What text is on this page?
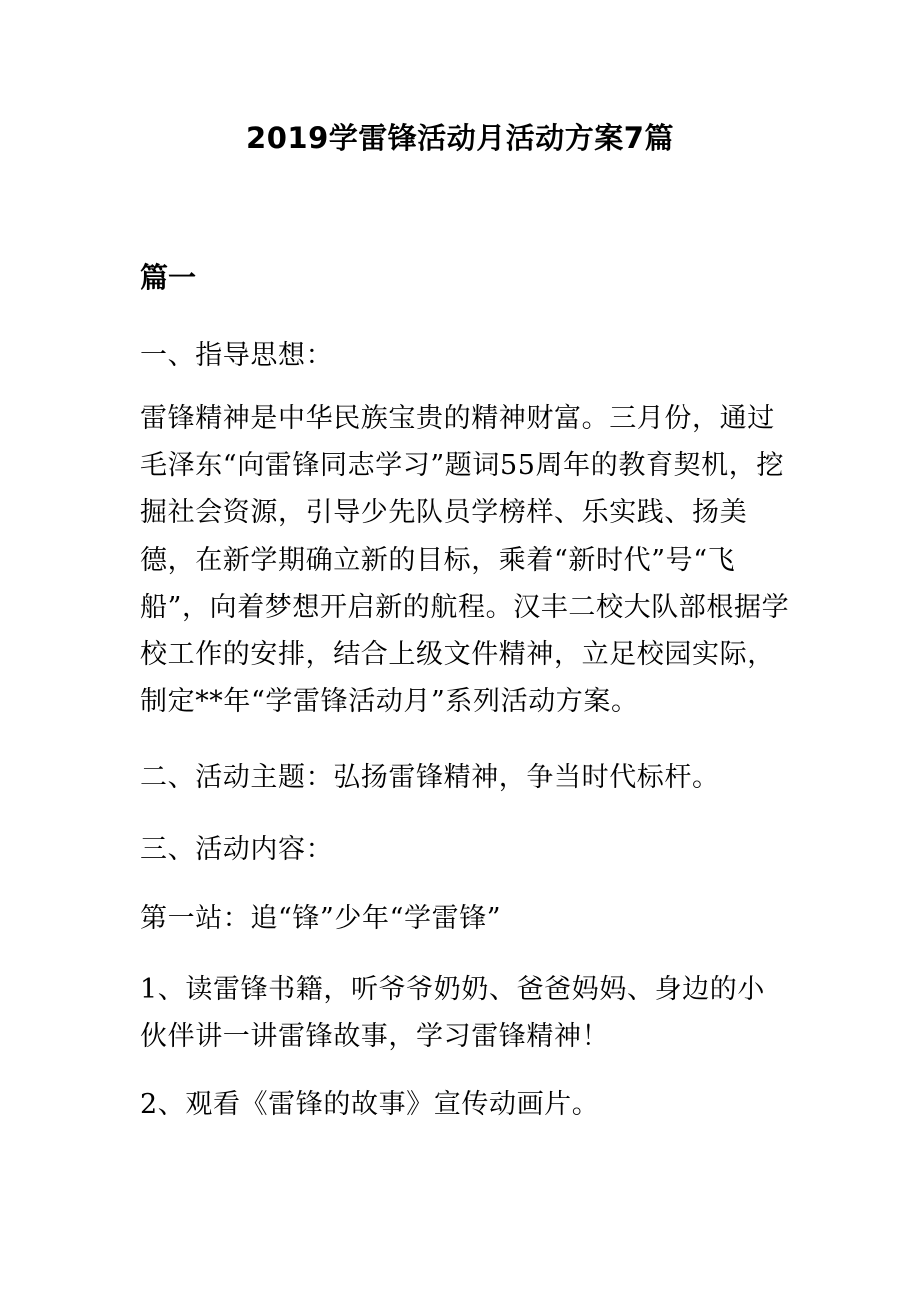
2019学雷锋活动月活动方案7篇
篇一

一、指导思想：

雷锋精神是中华民族宝贵的精神财富。三月份，通过毛泽东“向雷锋同志学习”题词55周年的教育契机，挖掘社会资源，引导少先队员学榜样、乐实践、扬美德，在新学期确立新的目标，乘着“新时代”号“飞船”，向着梦想开启新的航程。汉丰二校大队部根据学校工作的安排，结合上级文件精神，立足校园实际，制定**年“学雷锋活动月”系列活动方案。

二、活动主题：弘扬雷锋精神，争当时代标杆。

三、活动内容：

第一站：追“锋”少年“学雷锋”

1、读雷锋书籍，听爷爷奶奶、爸爸妈妈、身边的小伙伴讲一讲雷锋故事，学习雷锋精神！

2、观看《雷锋的故事》宣传动画片。
